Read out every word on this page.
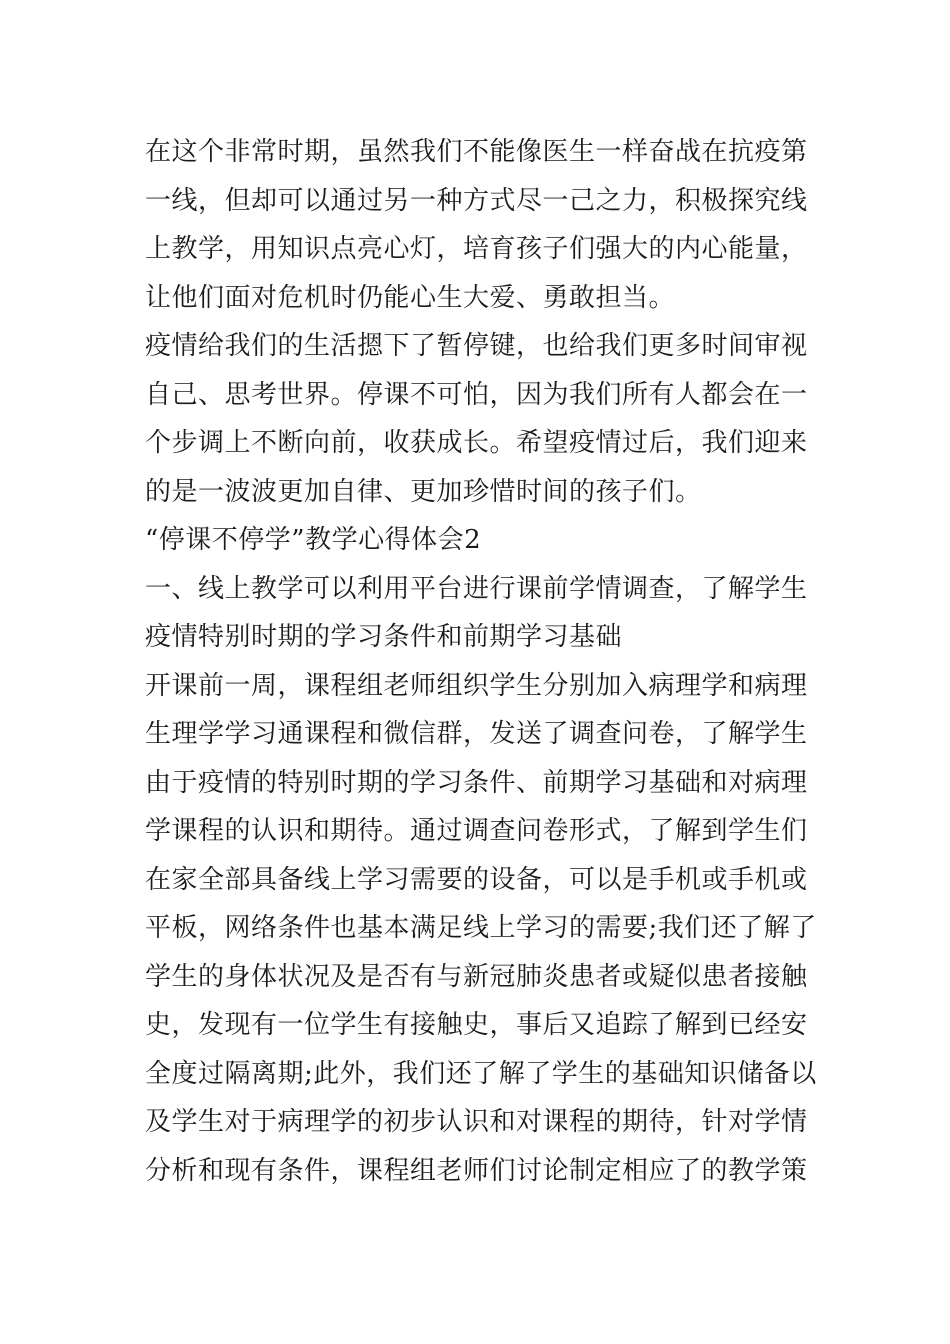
在这个非常时期，虽然我们不能像医生一样奋战在抗疫第
一线，但却可以通过另一种方式尽一己之力，积极探究线
上教学，用知识点亮心灯，培育孩子们强大的内心能量，
让他们面对危机时仍能心生大爱、勇敢担当。
疫情给我们的生活摁下了暂停键，也给我们更多时间审视
自己、思考世界。停课不可怕，因为我们所有人都会在一
个步调上不断向前，收获成长。希望疫情过后，我们迎来
的是一波波更加自律、更加珍惜时间的孩子们。
“停课不停学”教学心得体会2
一、线上教学可以利用平台进行课前学情调查，了解学生
疫情特别时期的学习条件和前期学习基础
开课前一周，课程组老师组织学生分别加入病理学和病理
生理学学习通课程和微信群，发送了调查问卷，了解学生
由于疫情的特别时期的学习条件、前期学习基础和对病理
学课程的认识和期待。通过调查问卷形式，了解到学生们
在家全部具备线上学习需要的设备，可以是手机或手机或
平板，网络条件也基本满足线上学习的需要;我们还了解了
学生的身体状况及是否有与新冠肺炎患者或疑似患者接触
史，发现有一位学生有接触史，事后又追踪了解到已经安
全度过隔离期;此外，我们还了解了学生的基础知识储备以
及学生对于病理学的初步认识和对课程的期待，针对学情
分析和现有条件，课程组老师们讨论制定相应了的教学策
